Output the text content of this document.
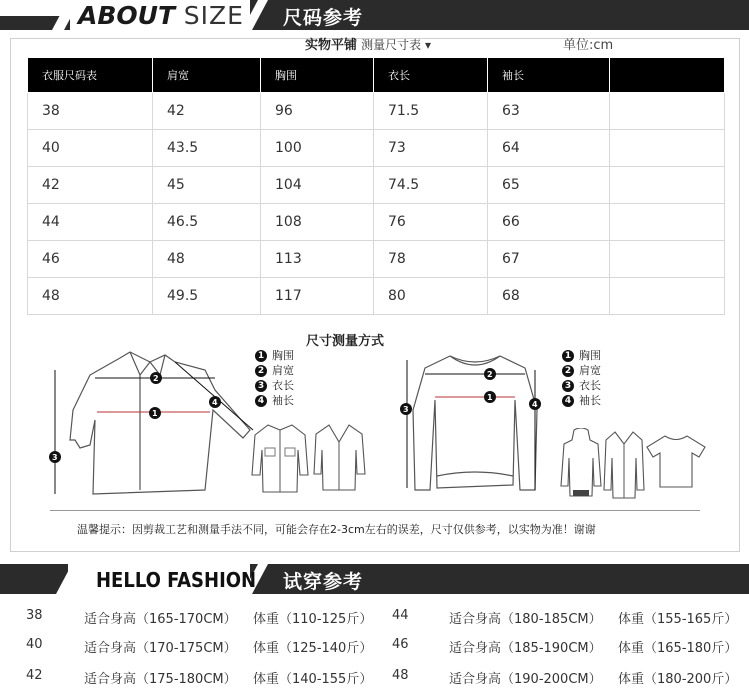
ABOUT SIZE 尺码参考
实物平铺 测量尺寸表 ▾	单位:cm
衣服尺码表	肩宽	胸围	衣长	袖长	
38	42	96	71.5	63	
40	43.5	100	73	64	
42	45	104	74.5	65	
44	46.5	108	76	66	
46	48	113	78	67	
48	49.5	117	80	68	
尺寸测量方式
2
1
4
3
1 胸围
2 肩宽
3 衣长
4 袖长
2
1
3
4
1 胸围
2 肩宽
3 衣长
4 袖长
温馨提示：因剪裁工艺和测量手法不同，可能会存在2-3cm左右的误差，尺寸仅供参考，以实物为准！谢谢
HELLO FASHION 试穿参考
38	适合身高（165-170CM） 体重（110-125斤） 44	适合身高（180-185CM） 体重（155-165斤）
40	适合身高（170-175CM） 体重（125-140斤） 46	适合身高（185-190CM） 体重（165-180斤）
42	适合身高（175-180CM） 体重（140-155斤） 48	适合身高（190-200CM） 体重（180-200斤）
